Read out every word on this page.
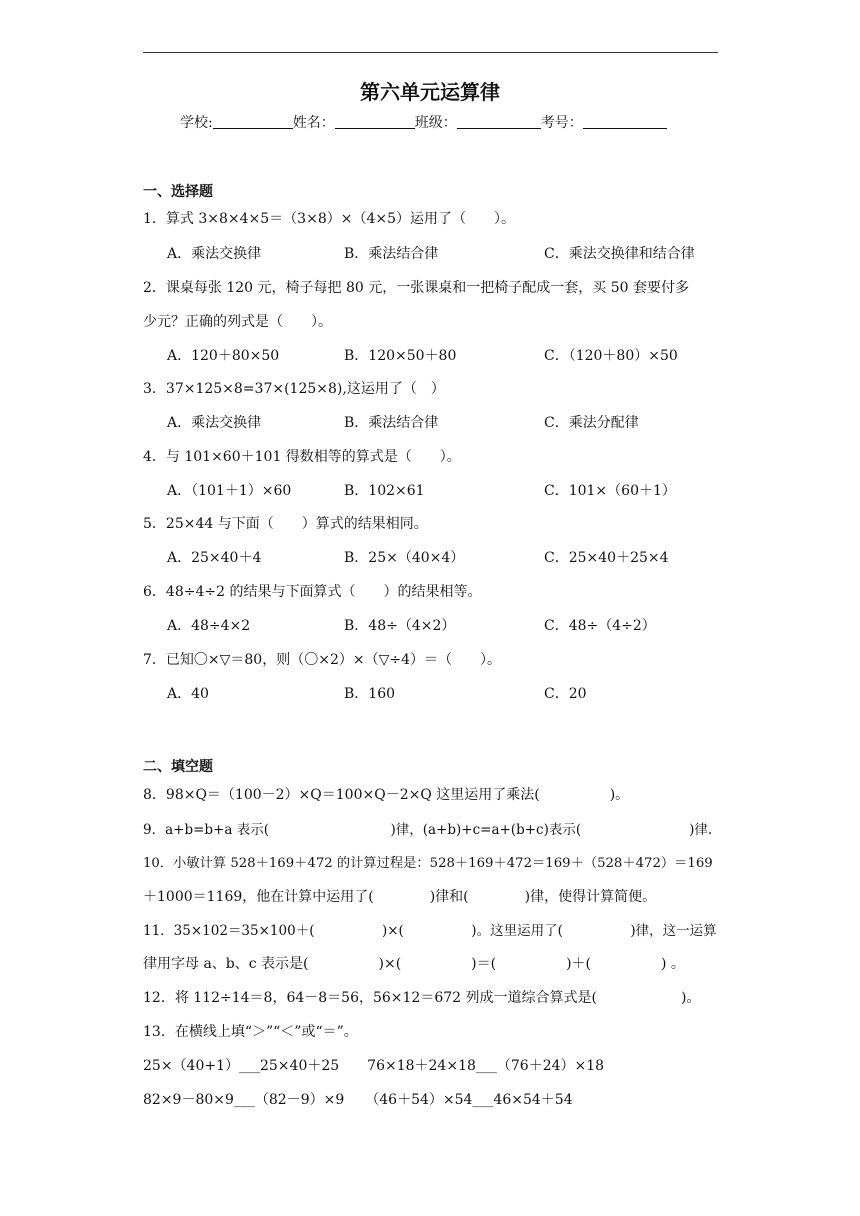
第六单元运算律
学校:	姓名：	班级：	考号：
一、选择题
1．算式 3×8×4×5＝（3×8）×（4×5）运用了（　　）。
A．乘法交换律	B．乘法结合律	C．乘法交换律和结合律
2．课桌每张 120 元，椅子每把 80 元，一张课桌和一把椅子配成一套，买 50 套要付多
少元？正确的列式是（　　）。
A．120＋80×50	B．120×50＋80	C．（120＋80）×50
3．37×125×8=37×(125×8),这运用了（　）
A．乘法交换律	B．乘法结合律	C．乘法分配律
4．与 101×60＋101 得数相等的算式是（　　）。
A．（101＋1）×60	B．102×61	C．101×（60＋1）
5．25×44 与下面（　　）算式的结果相同。
A．25×40＋4	B．25×（40×4）	C．25×40＋25×4
6．48÷4÷2 的结果与下面算式（　　）的结果相等。
A．48÷4×2	B．48÷（4×2）	C．48÷（4÷2）
7．已知〇×▽＝80，则（〇×2）×（▽÷4）＝（　　）。
A．40	B．160	C．20
二、填空题
8．98×Q＝（100－2）×Q＝100×Q－2×Q 这里运用了乘法(　　　　　)。
9．a+b=b+a 表示(　　　　　　　　　)律，(a+b)+c=a+(b+c)表示(　　　　　　　　)律.
10．小敏计算 528＋169＋472 的计算过程是：528＋169＋472＝169＋（528＋472）＝169
＋1000＝1169，他在计算中运用了(　　　　)律和(　　　　)律，使得计算简便。
11．35×102＝35×100＋(　　　　　)×(　　　　　)。这里运用了(　　　　　)律，这一运算
律用字母 a、b、c 表示是(　　　　　)×(　　　　　)＝(　　　　　)＋(　　　　　) 。
12．将 112÷14＝8，64－8＝56，56×12＝672 列成一道综合算式是(　　　　　　)。
13．在横线上填“＞”“＜”或“＝”。
25×（40+1）___25×40＋25　　76×18＋24×18___（76＋24）×18
82×9－80×9___（82－9）×9　　（46＋54）×54___46×54＋54
